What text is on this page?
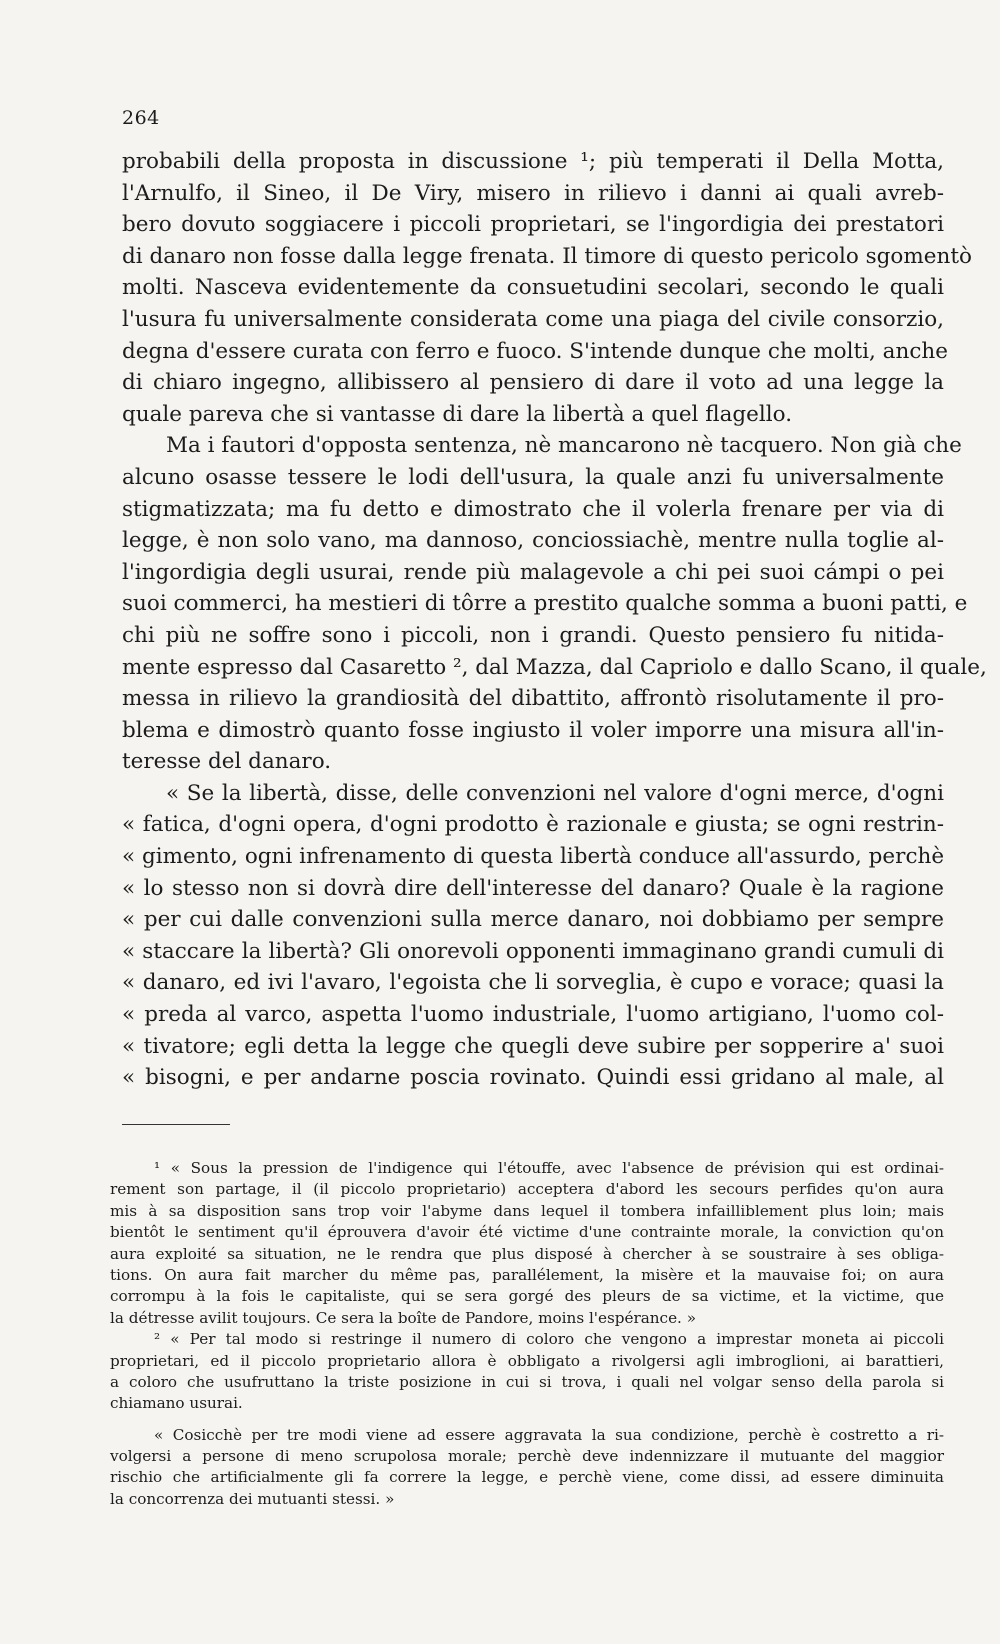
264
probabili della proposta in discussione ¹; più temperati il Della Motta,
l'Arnulfo, il Sineo, il De Viry, misero in rilievo i danni ai quali avreb-
bero dovuto soggiacere i piccoli proprietari, se l'ingordigia dei prestatori
di danaro non fosse dalla legge frenata. Il timore di questo pericolo sgomentò
molti. Nasceva evidentemente da consuetudini secolari, secondo le quali
l'usura fu universalmente considerata come una piaga del civile consorzio,
degna d'essere curata con ferro e fuoco. S'intende dunque che molti, anche
di chiaro ingegno, allibissero al pensiero di dare il voto ad una legge la
quale pareva che si vantasse di dare la libertà a quel flagello.
Ma i fautori d'opposta sentenza, nè mancarono nè tacquero. Non già che
alcuno osasse tessere le lodi dell'usura, la quale anzi fu universalmente
stigmatizzata; ma fu detto e dimostrato che il volerla frenare per via di
legge, è non solo vano, ma dannoso, conciossiachè, mentre nulla toglie al-
l'ingordigia degli usurai, rende più malagevole a chi pei suoi cámpi o pei
suoi commerci, ha mestieri di tôrre a prestito qualche somma a buoni patti, e
chi più ne soffre sono i piccoli, non i grandi. Questo pensiero fu nitida-
mente espresso dal Casaretto ², dal Mazza, dal Capriolo e dallo Scano, il quale,
messa in rilievo la grandiosità del dibattito, affrontò risolutamente il pro-
blema e dimostrò quanto fosse ingiusto il voler imporre una misura all'in-
teresse del danaro.
« Se la libertà, disse, delle convenzioni nel valore d'ogni merce, d'ogni
« fatica, d'ogni opera, d'ogni prodotto è razionale e giusta; se ogni restrin-
« gimento, ogni infrenamento di questa libertà conduce all'assurdo, perchè
« lo stesso non si dovrà dire dell'interesse del danaro? Quale è la ragione
« per cui dalle convenzioni sulla merce danaro, noi dobbiamo per sempre
« staccare la libertà? Gli onorevoli opponenti immaginano grandi cumuli di
« danaro, ed ivi l'avaro, l'egoista che li sorveglia, è cupo e vorace; quasi la
« preda al varco, aspetta l'uomo industriale, l'uomo artigiano, l'uomo col-
« tivatore; egli detta la legge che quegli deve subire per sopperire a' suoi
« bisogni, e per andarne poscia rovinato. Quindi essi gridano al male, al
¹ « Sous la pression de l'indigence qui l'étouffe, avec l'absence de prévision qui est ordinai-
rement son partage, il (il piccolo proprietario) acceptera d'abord les secours perfides qu'on aura
mis à sa disposition sans trop voir l'abyme dans lequel il tombera infailliblement plus loin; mais
bientôt le sentiment qu'il éprouvera d'avoir été victime d'une contrainte morale, la conviction qu'on
aura exploité sa situation, ne le rendra que plus disposé à chercher à se soustraire à ses obliga-
tions. On aura fait marcher du même pas, parallélement, la misère et la mauvaise foi; on aura
corrompu à la fois le capitaliste, qui se sera gorgé des pleurs de sa victime, et la victime, que
la détresse avilit toujours. Ce sera la boîte de Pandore, moins l'espérance. »
² « Per tal modo si restringe il numero di coloro che vengono a imprestar moneta ai piccoli
proprietari, ed il piccolo proprietario allora è obbligato a rivolgersi agli imbroglioni, ai barattieri,
a coloro che usufruttano la triste posizione in cui si trova, i quali nel volgar senso della parola si
chiamano usurai.
« Cosicchè per tre modi viene ad essere aggravata la sua condizione, perchè è costretto a ri-
volgersi a persone di meno scrupolosa morale; perchè deve indennizzare il mutuante del maggior
rischio che artificialmente gli fa correre la legge, e perchè viene, come dissi, ad essere diminuita
la concorrenza dei mutuanti stessi. »
